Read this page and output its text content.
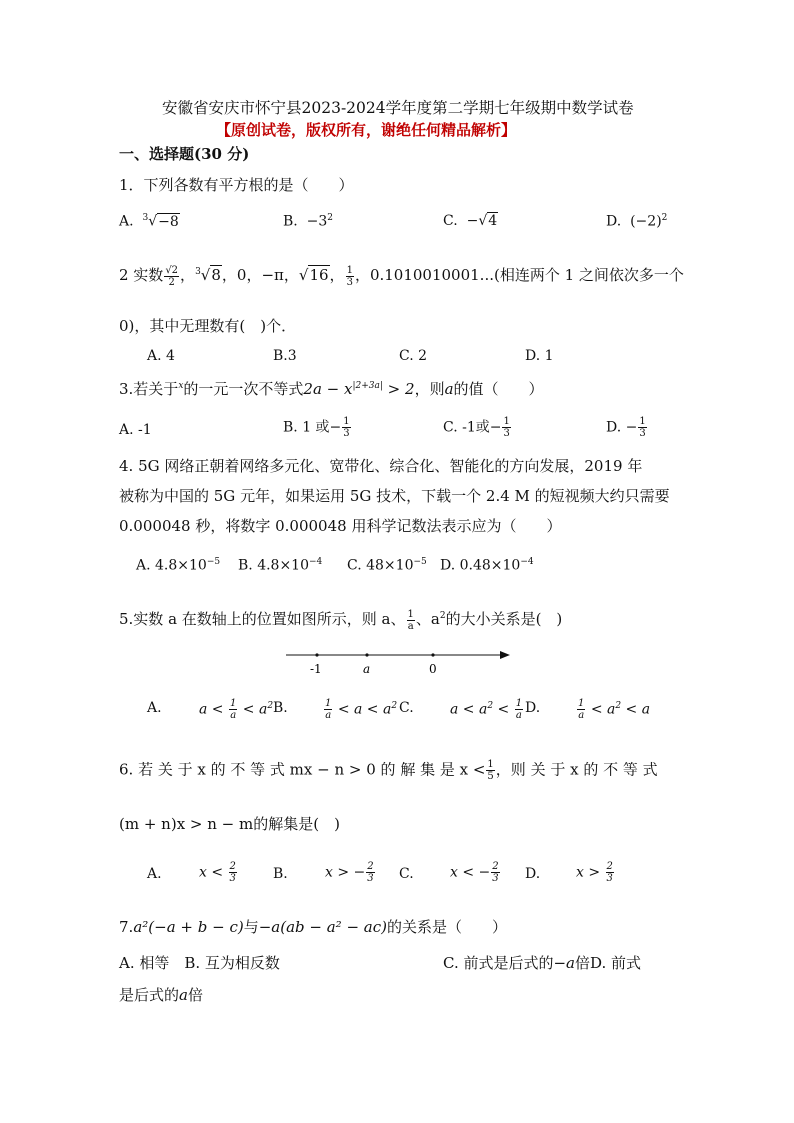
安徽省安庆市怀宁县2023-2024学年度第二学期七年级期中数学试卷
【原创试卷，版权所有，谢绝任何精品解析】
一、选择题(30 分)
1．下列各数有平方根的是（　　）
A. $^3$√−8	B. $-3^2$	C. −√4	D. $(-2)^2$
2 实数 $\frac{√2}{2}$ ，$^3$√8，0，−π，√16， $\frac{1}{3}$ ，0.1010010001...(相连两个 1 之间依次多一个
0)，其中无理数有(　)个．
A. 4	B.3	C. 2	D. 1
3.若关于$^x$的一元一次不等式$2a - x^{|2+3a|} > 2$，则a的值（　　）
A. -1	B. 1 或− $\frac{1}{3}$	C. -1或− $\frac{1}{3}$	D. − $\frac{1}{3}$
4. 5G 网络正朝着网络多元化、宽带化、综合化、智能化的方向发展，2019 年
被称为中国的 5G 元年，如果运用 5G 技术，下载一个 2.4 M 的短视频大约只需要
0.000048 秒，将数字 0.000048 用科学记数法表示应为（　　）
A. $4.8\times 10^{-5}$ B. $4.8\times 10^{-4}$ C. $48\times 10^{-5}$ D. $0.48\times 10^{-4}$
5.实数 a 在数轴上的位置如图所示，则 a、 $\frac{1}{a}$ 、$a^2$的大小关系是(　)
-1	a	0
A.	$a < \frac{1}{a} < a^2$ B.	$\frac{1}{a} < a < a^2$ C.	$a < a^2 < \frac{1}{a} D$.	$\frac{1}{a} < a^2 < a$
6. 若 关 于 x 的 不 等 式 mx − n > 0 的 解 集 是 $x < \frac{1}{5}$ ，则 关 于 x 的 不 等 式
(m + n)x > n − m的解集是(　)
A.	$x < \frac{2}{3}$	B.	x > − $\frac{2}{3} C$.	x < − $\frac{2}{3} D$.	$x > \frac{2}{3}$
7.a²(−a + b − c)与−a(ab − a² − ac)的关系是（　　）
A. 相等　B. 互为相反数	C. 前式是后式的−a倍D. 前式
是后式的a倍
